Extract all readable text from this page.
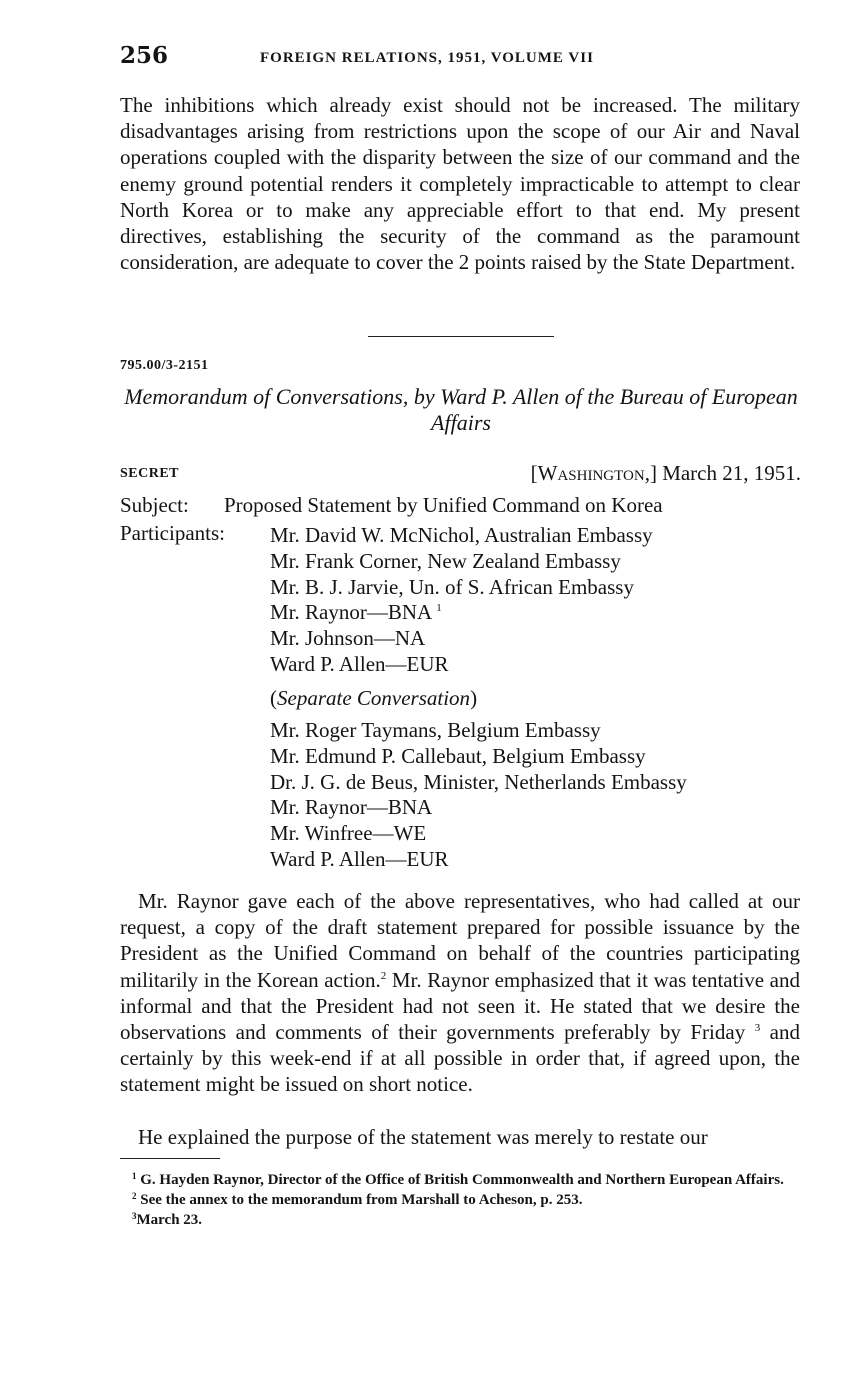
256	FOREIGN RELATIONS, 1951, VOLUME VII

The inhibitions which already exist should not be increased. The military disadvantages arising from restrictions upon the scope of our Air and Naval operations coupled with the disparity between the size of our command and the enemy ground potential renders it completely impracticable to attempt to clear North Korea or to make any appreciable effort to that end. My present directives, establishing the security of the command as the paramount consideration, are adequate to cover the 2 points raised by the State Department.

795.00/3-2151

Memorandum of Conversations, by Ward P. Allen of the Bureau of European Affairs

SECRET	[Washington,] March 21, 1951.
Subject: Proposed Statement by Unified Command on Korea
Participants: Mr. David W. McNichol, Australian Embassy
Mr. Frank Corner, New Zealand Embassy
Mr. B. J. Jarvie, Un. of S. African Embassy
Mr. Raynor—BNA $^1$
Mr. Johnson—NA
Ward P. Allen—EUR
(Separate Conversation)
Mr. Roger Taymans, Belgium Embassy
Mr. Edmund P. Callebaut, Belgium Embassy
Dr. J. G. de Beus, Minister, Netherlands Embassy
Mr. Raynor—BNA
Mr. Winfree—WE
Ward P. Allen—EUR

Mr. Raynor gave each of the above representatives, who had called at our request, a copy of the draft statement prepared for possible issuance by the President as the Unified Command on behalf of the countries participating militarily in the Korean action.$^2$ Mr. Raynor emphasized that it was tentative and informal and that the President had not seen it. He stated that we desire the observations and comments of their governments preferably by Friday $^3$ and certainly by this week-end if at all possible in order that, if agreed upon, the statement might be issued on short notice.

He explained the purpose of the statement was merely to restate our

$^1$ G. Hayden Raynor, Director of the Office of British Commonwealth and Northern European Affairs.
$^2$ See the annex to the memorandum from Marshall to Acheson, p. 253.
$^3$March 23.
